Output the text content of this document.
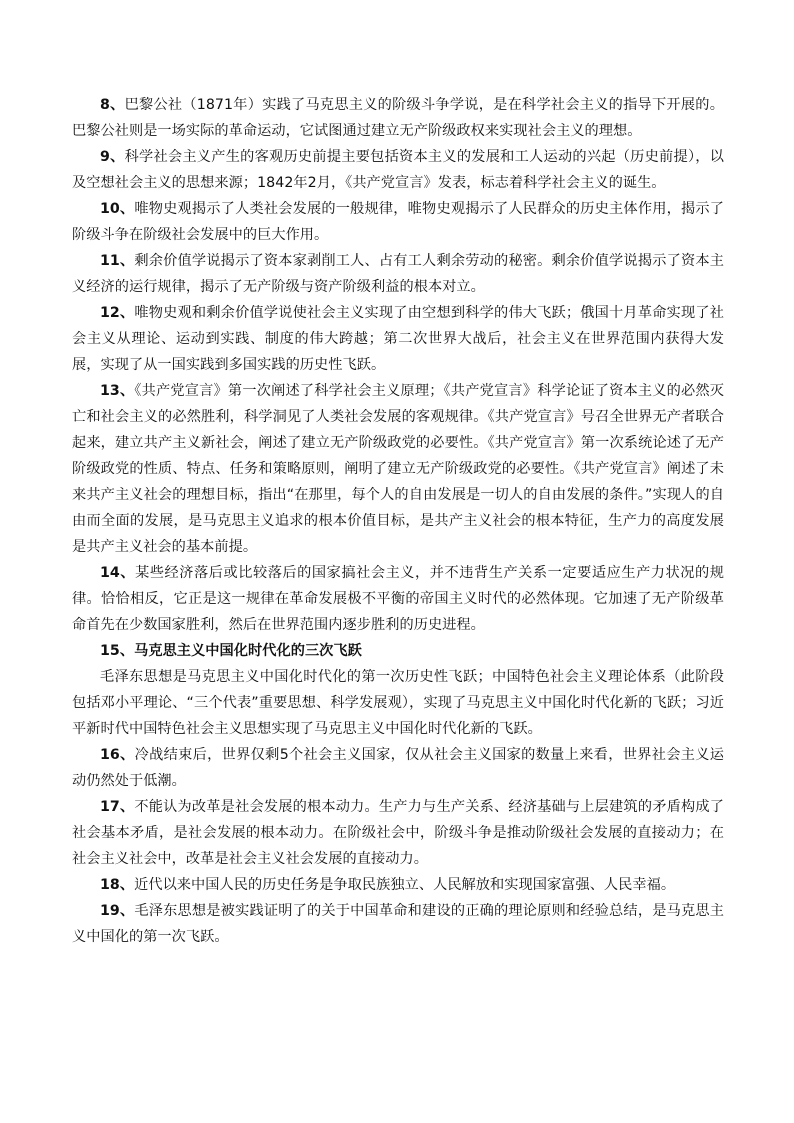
8、巴黎公社（1871年）实践了马克思主义的阶级斗争学说，是在科学社会主义的指导下开展的。巴黎公社则是一场实际的革命运动，它试图通过建立无产阶级政权来实现社会主义的理想。

9、科学社会主义产生的客观历史前提主要包括资本主义的发展和工人运动的兴起（历史前提），以及空想社会主义的思想来源；1842年2月，《共产党宣言》发表，标志着科学社会主义的诞生。

10、唯物史观揭示了人类社会发展的一般规律，唯物史观揭示了人民群众的历史主体作用，揭示了阶级斗争在阶级社会发展中的巨大作用。

11、剩余价值学说揭示了资本家剥削工人、占有工人剩余劳动的秘密。剩余价值学说揭示了资本主义经济的运行规律，揭示了无产阶级与资产阶级利益的根本对立。

12、唯物史观和剩余价值学说使社会主义实现了由空想到科学的伟大飞跃；俄国十月革命实现了社会主义从理论、运动到实践、制度的伟大跨越；第二次世界大战后，社会主义在世界范围内获得大发展，实现了从一国实践到多国实践的历史性飞跃。

13、《共产党宣言》第一次阐述了科学社会主义原理；《共产党宣言》科学论证了资本主义的必然灭亡和社会主义的必然胜利，科学洞见了人类社会发展的客观规律。《共产党宣言》号召全世界无产者联合起来，建立共产主义新社会，阐述了建立无产阶级政党的必要性。《共产党宣言》第一次系统论述了无产阶级政党的性质、特点、任务和策略原则，阐明了建立无产阶级政党的必要性。《共产党宣言》阐述了未来共产主义社会的理想目标，指出“在那里，每个人的自由发展是一切人的自由发展的条件。”实现人的自由而全面的发展，是马克思主义追求的根本价值目标，是共产主义社会的根本特征，生产力的高度发展是共产主义社会的基本前提。

14、某些经济落后或比较落后的国家搞社会主义，并不违背生产关系一定要适应生产力状况的规律。恰恰相反，它正是这一规律在革命发展极不平衡的帝国主义时代的必然体现。它加速了无产阶级革命首先在少数国家胜利，然后在世界范围内逐步胜利的历史进程。

15、马克思主义中国化时代化的三次飞跃

毛泽东思想是马克思主义中国化时代化的第一次历史性飞跃；中国特色社会主义理论体系（此阶段包括邓小平理论、“三个代表”重要思想、科学发展观），实现了马克思主义中国化时代化新的飞跃；习近平新时代中国特色社会主义思想实现了马克思主义中国化时代化新的飞跃。

16、冷战结束后，世界仅剩5个社会主义国家，仅从社会主义国家的数量上来看，世界社会主义运动仍然处于低潮。

17、不能认为改革是社会发展的根本动力。生产力与生产关系、经济基础与上层建筑的矛盾构成了社会基本矛盾，是社会发展的根本动力。在阶级社会中，阶级斗争是推动阶级社会发展的直接动力；在社会主义社会中，改革是社会主义社会发展的直接动力。

18、近代以来中国人民的历史任务是争取民族独立、人民解放和实现国家富强、人民幸福。

19、毛泽东思想是被实践证明了的关于中国革命和建设的正确的理论原则和经验总结，是马克思主义中国化的第一次飞跃。
